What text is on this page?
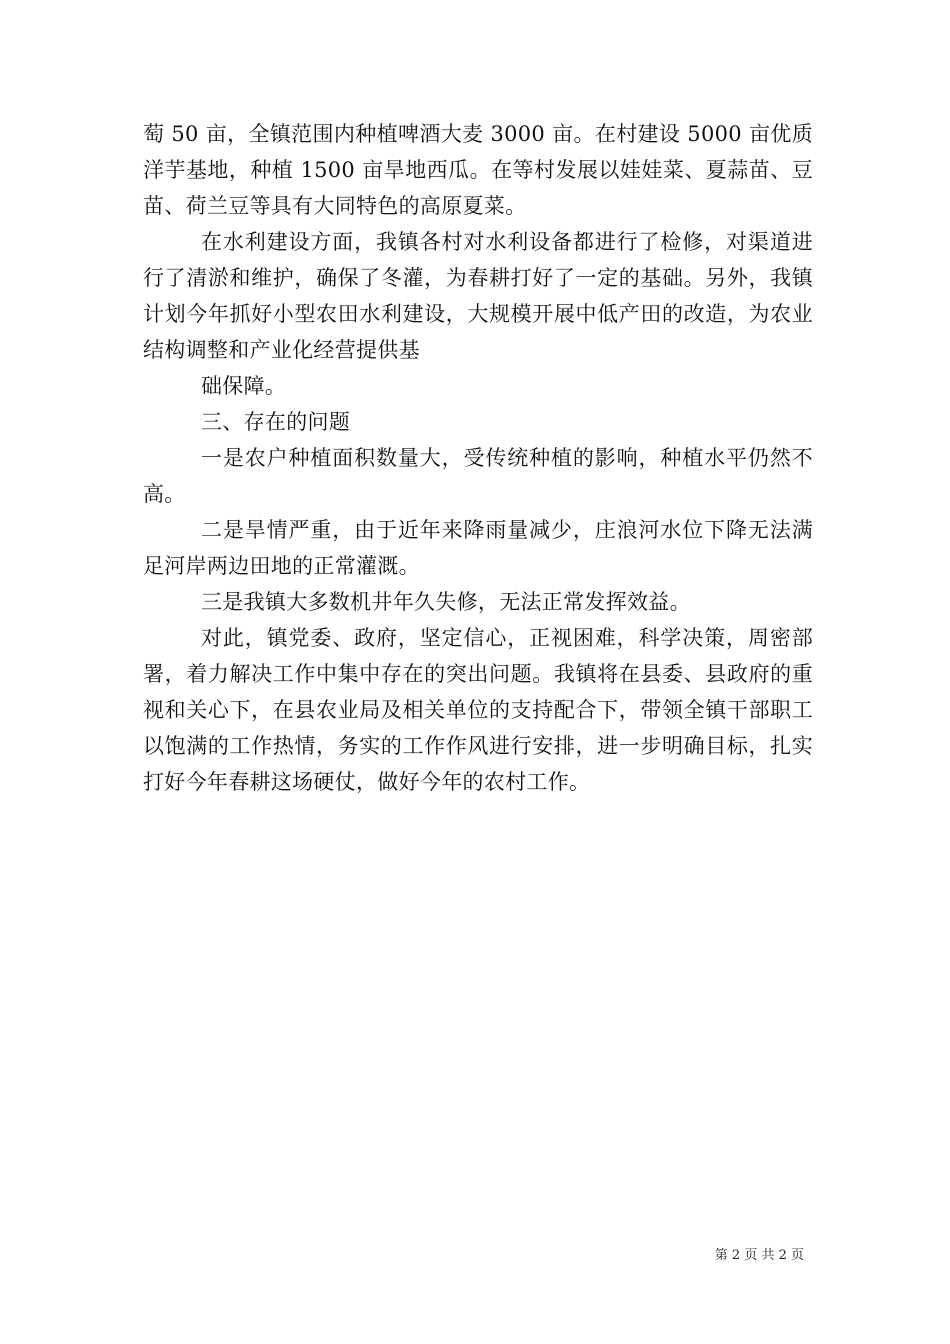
萄 50 亩，全镇范围内种植啤酒大麦 3000 亩。在村建设 5000 亩优质洋芋基地，种植 1500 亩旱地西瓜。在等村发展以娃娃菜、夏蒜苗、豆苗、荷兰豆等具有大同特色的高原夏菜。

在水利建设方面，我镇各村对水利设备都进行了检修，对渠道进行了清淤和维护，确保了冬灌，为春耕打好了一定的基础。另外，我镇计划今年抓好小型农田水利建设，大规模开展中低产田的改造，为农业结构调整和产业化经营提供基

础保障。

三、存在的问题

一是农户种植面积数量大，受传统种植的影响，种植水平仍然不高。

二是旱情严重，由于近年来降雨量减少，庄浪河水位下降无法满足河岸两边田地的正常灌溉。

三是我镇大多数机井年久失修，无法正常发挥效益。

对此，镇党委、政府，坚定信心，正视困难，科学决策，周密部署，着力解决工作中集中存在的突出问题。我镇将在县委、县政府的重视和关心下，在县农业局及相关单位的支持配合下，带领全镇干部职工以饱满的工作热情，务实的工作作风进行安排，进一步明确目标，扎实打好今年春耕这场硬仗，做好今年的农村工作。

第 2 页 共 2 页
